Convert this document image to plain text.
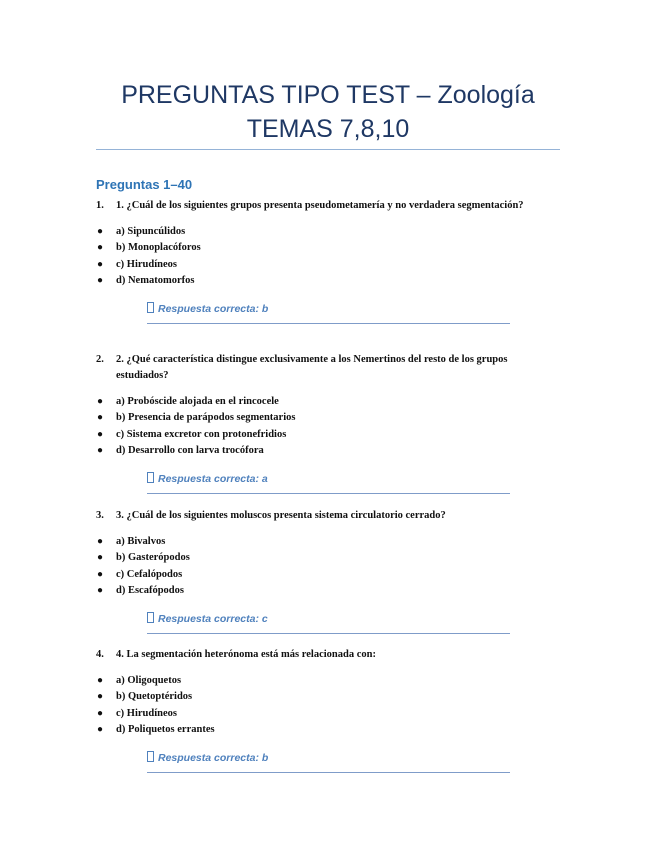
PREGUNTAS TIPO TEST – Zoología
TEMAS 7,8,10
Preguntas 1–40
1. 1. ¿Cuál de los siguientes grupos presenta pseudometamería y no verdadera segmentación?
● a) Sipuncúlidos
● b) Monoplacóforos
● c) Hirudíneos
● d) Nematomorfos
Respuesta correcta: b
2. 2. ¿Qué característica distingue exclusivamente a los Nemertinos del resto de los grupos estudiados?
● a) Probóscide alojada en el rincocele
● b) Presencia de parápodos segmentarios
● c) Sistema excretor con protonefridios
● d) Desarrollo con larva trocófora
Respuesta correcta: a
3. 3. ¿Cuál de los siguientes moluscos presenta sistema circulatorio cerrado?
● a) Bivalvos
● b) Gasterópodos
● c) Cefalópodos
● d) Escafópodos
Respuesta correcta: c
4. 4. La segmentación heterónoma está más relacionada con:
● a) Oligoquetos
● b) Quetoptéridos
● c) Hirudíneos
● d) Poliquetos errantes
Respuesta correcta: b
